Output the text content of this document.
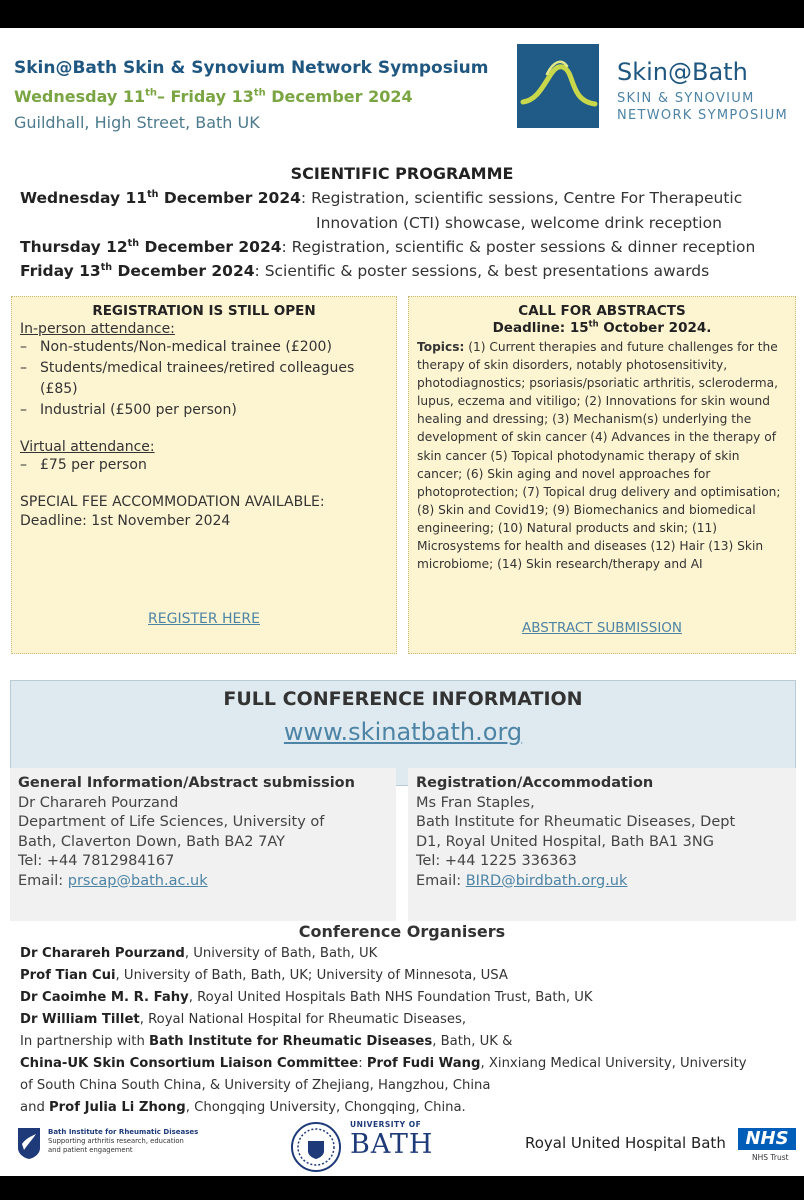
Skin@Bath Skin & Synovium Network Symposium
Wednesday 11th– Friday 13th December 2024
Guildhall, High Street, Bath UK
Skin@Bath
SKIN & SYNOVIUM
NETWORK SYMPOSIUM
SCIENTIFIC PROGRAMME
Wednesday 11th December 2024: Registration, scientific sessions, Centre For Therapeutic
Innovation (CTI) showcase, welcome drink reception
Thursday 12th December 2024: Registration, scientific & poster sessions & dinner reception
Friday 13th December 2024: Scientific & poster sessions, & best presentations awards
REGISTRATION IS STILL OPEN
In-person attendance:
– Non-students/Non-medical trainee (£200)
– Students/medical trainees/retired colleagues (£85)
– Industrial (£500 per person)
Virtual attendance:
– £75 per person
SPECIAL FEE ACCOMMODATION AVAILABLE:
Deadline: 1st November 2024
REGISTER HERE
CALL FOR ABSTRACTS
Deadline: 15th October 2024.
Topics: (1) Current therapies and future challenges for the therapy of skin disorders, notably photosensitivity, photodiagnostics; psoriasis/psoriatic arthritis, scleroderma, lupus, eczema and vitiligo; (2) Innovations for skin wound healing and dressing; (3) Mechanism(s) underlying the development of skin cancer (4) Advances in the therapy of skin cancer (5) Topical photodynamic therapy of skin cancer; (6) Skin aging and novel approaches for photoprotection; (7) Topical drug delivery and optimisation; (8) Skin and Covid19; (9) Biomechanics and biomedical engineering; (10) Natural products and skin; (11) Microsystems for health and diseases (12) Hair (13) Skin microbiome; (14) Skin research/therapy and AI
ABSTRACT SUBMISSION
FULL CONFERENCE INFORMATION
www.skinatbath.org
General Information/Abstract submission
Dr Charareh Pourzand
Department of Life Sciences, University of
Bath, Claverton Down, Bath BA2 7AY
Tel: +44 7812984167
Email: prscap@bath.ac.uk
Registration/Accommodation
Ms Fran Staples,
Bath Institute for Rheumatic Diseases, Dept
D1, Royal United Hospital, Bath BA1 3NG
Tel: +44 1225 336363
Email: BIRD@birdbath.org.uk
Conference Organisers
Dr Charareh Pourzand, University of Bath, Bath, UK
Prof Tian Cui, University of Bath, Bath, UK; University of Minnesota, USA
Dr Caoimhe M. R. Fahy, Royal United Hospitals Bath NHS Foundation Trust, Bath, UK
Dr William Tillet, Royal National Hospital for Rheumatic Diseases,
In partnership with Bath Institute for Rheumatic Diseases, Bath, UK &
China-UK Skin Consortium Liaison Committee: Prof Fudi Wang, Xinxiang Medical University, University
of South China South China, & University of Zhejiang, Hangzhou, China
and Prof Julia Li Zhong, Chongqing University, Chongqing, China.
Bath Institute for Rheumatic Diseases
Supporting arthritis research, education and patient engagement
UNIVERSITY OF
BATH	Royal United Hospital Bath	NHS
NHS Trust
